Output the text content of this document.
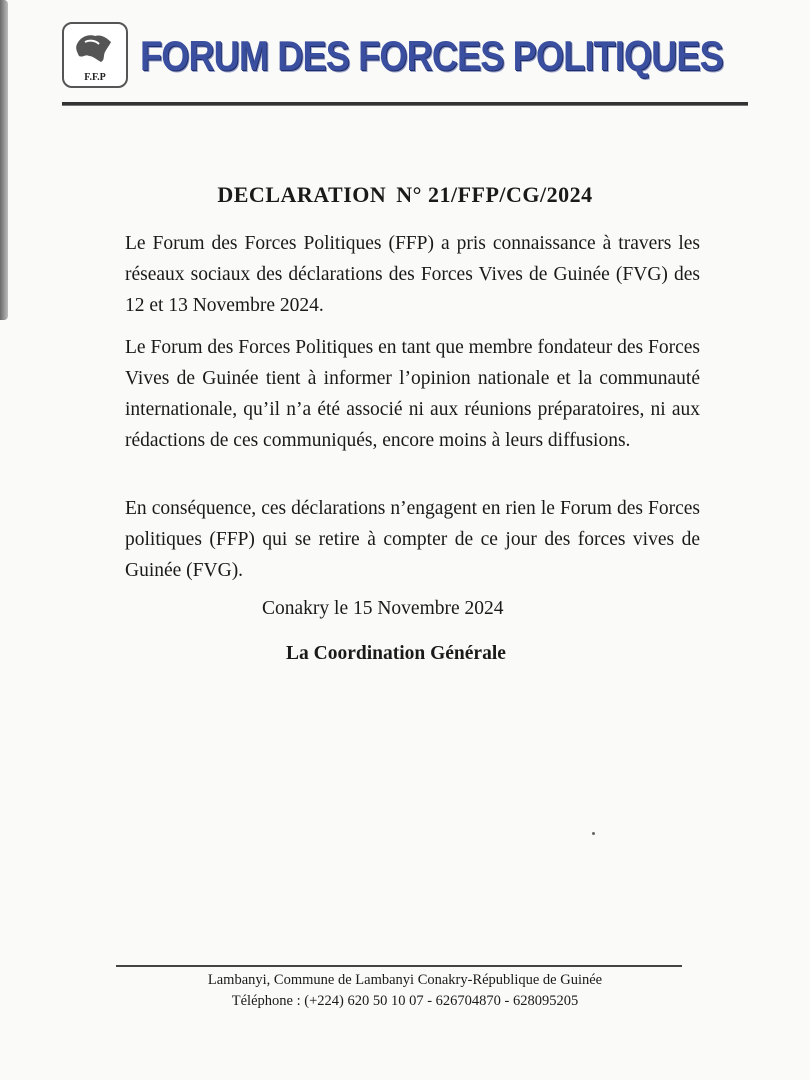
F.F.P FORUM DES FORCES POLITIQUES
DECLARATION N° 21/FFP/CG/2024
Le Forum des Forces Politiques (FFP) a pris connaissance à travers les réseaux sociaux des déclarations des Forces Vives de Guinée (FVG) des 12 et 13 Novembre 2024.
Le Forum des Forces Politiques en tant que membre fondateur des Forces Vives de Guinée tient à informer l’opinion nationale et la communauté internationale, qu’il n’a été associé ni aux réunions préparatoires, ni aux rédactions de ces communiqués, encore moins à leurs diffusions.
En conséquence, ces déclarations n’engagent en rien le Forum des Forces politiques (FFP) qui se retire à compter de ce jour des forces vives de Guinée (FVG).
Conakry le 15 Novembre 2024
La Coordination Générale
Lambanyi, Commune de Lambanyi Conakry-République de Guinée
Téléphone : (+224) 620 50 10 07 - 626704870 - 628095205
